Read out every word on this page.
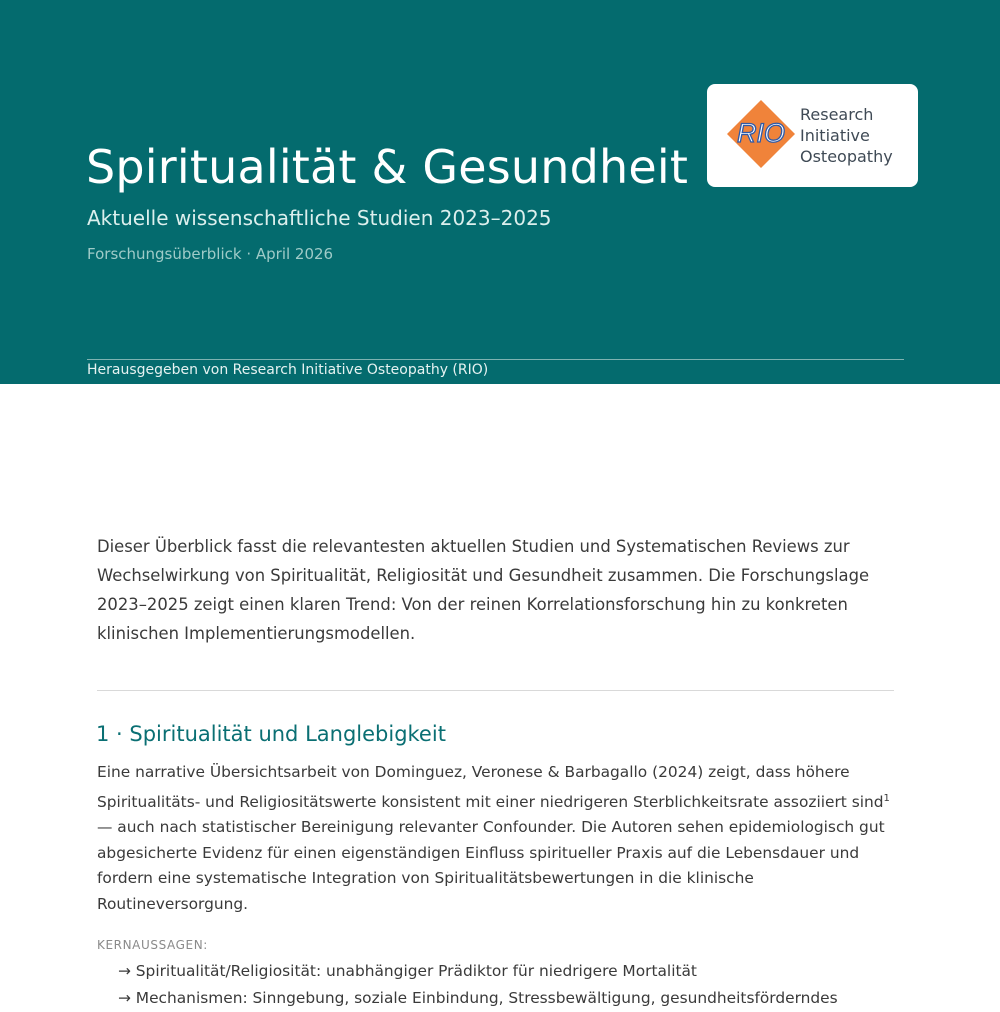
Spiritualität & Gesundheit
Aktuelle wissenschaftliche Studien 2023–2025
Forschungsüberblick · April 2026
Herausgegeben von Research Initiative Osteopathy (RIO)
RIO
Research
Initiative
Osteopathy

Dieser Überblick fasst die relevantesten aktuellen Studien und Systematischen Reviews zur Wechselwirkung von Spiritualität, Religiosität und Gesundheit zusammen. Die Forschungslage 2023–2025 zeigt einen klaren Trend: Von der reinen Korrelationsforschung hin zu konkreten klinischen Implementierungsmodellen.

1 · Spiritualität und Langlebigkeit

Eine narrative Übersichtsarbeit von Dominguez, Veronese & Barbagallo (2024) zeigt, dass höhere Spiritualitäts- und Religiositätswerte konsistent mit einer niedrigeren Sterblichkeitsrate assoziiert sind$^1$ — auch nach statistischer Bereinigung relevanter Confounder. Die Autoren sehen epidemiologisch gut abgesicherte Evidenz für einen eigenständigen Einfluss spiritueller Praxis auf die Lebensdauer und fordern eine systematische Integration von Spiritualitätsbewertungen in die klinische Routineversorgung.

KERNAUSSAGEN:
→ Spiritualität/Religiosität: unabhängiger Prädiktor für niedrigere Mortalität
→ Mechanismen: Sinngebung, soziale Einbindung, Stressbewältigung, gesundheitsförderndes
